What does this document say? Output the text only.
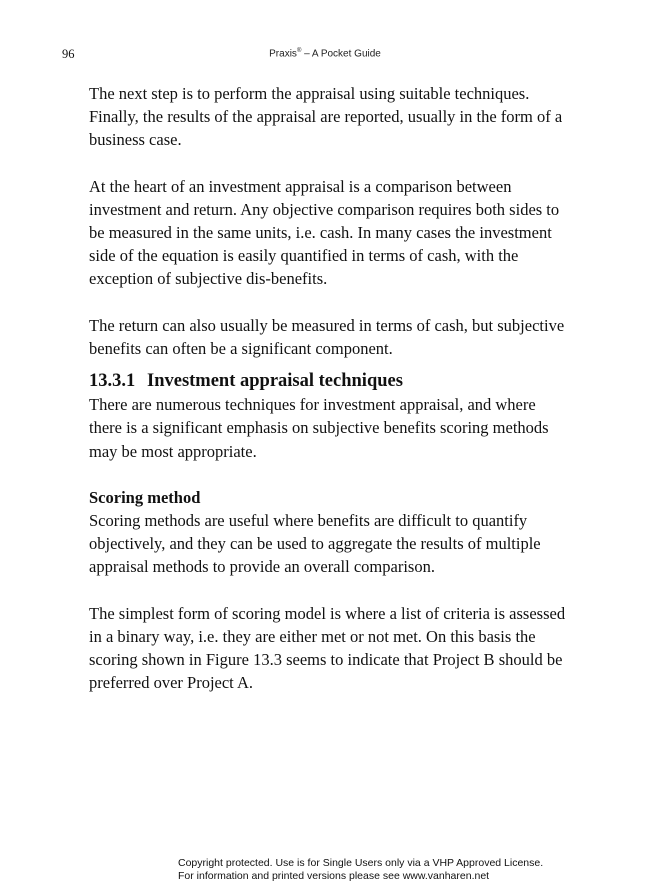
96	Praxis® – A Pocket Guide

The next step is to perform the appraisal using suitable techniques. Finally, the results of the appraisal are reported, usually in the form of a business case.

At the heart of an investment appraisal is a comparison between investment and return. Any objective comparison requires both sides to be measured in the same units, i.e. cash. In many cases the investment side of the equation is easily quantified in terms of cash, with the exception of subjective dis-benefits.

The return can also usually be measured in terms of cash, but subjective benefits can often be a significant component.

13.3.1 Investment appraisal techniques

There are numerous techniques for investment appraisal, and where there is a significant emphasis on subjective benefits scoring methods may be most appropriate.

Scoring method

Scoring methods are useful where benefits are difficult to quantify objectively, and they can be used to aggregate the results of multiple appraisal methods to provide an overall comparison.

The simplest form of scoring model is where a list of criteria is assessed in a binary way, i.e. they are either met or not met. On this basis the scoring shown in Figure 13.3 seems to indicate that Project B should be preferred over Project A.

Copyright protected. Use is for Single Users only via a VHP Approved License.
For information and printed versions please see www.vanharen.net
